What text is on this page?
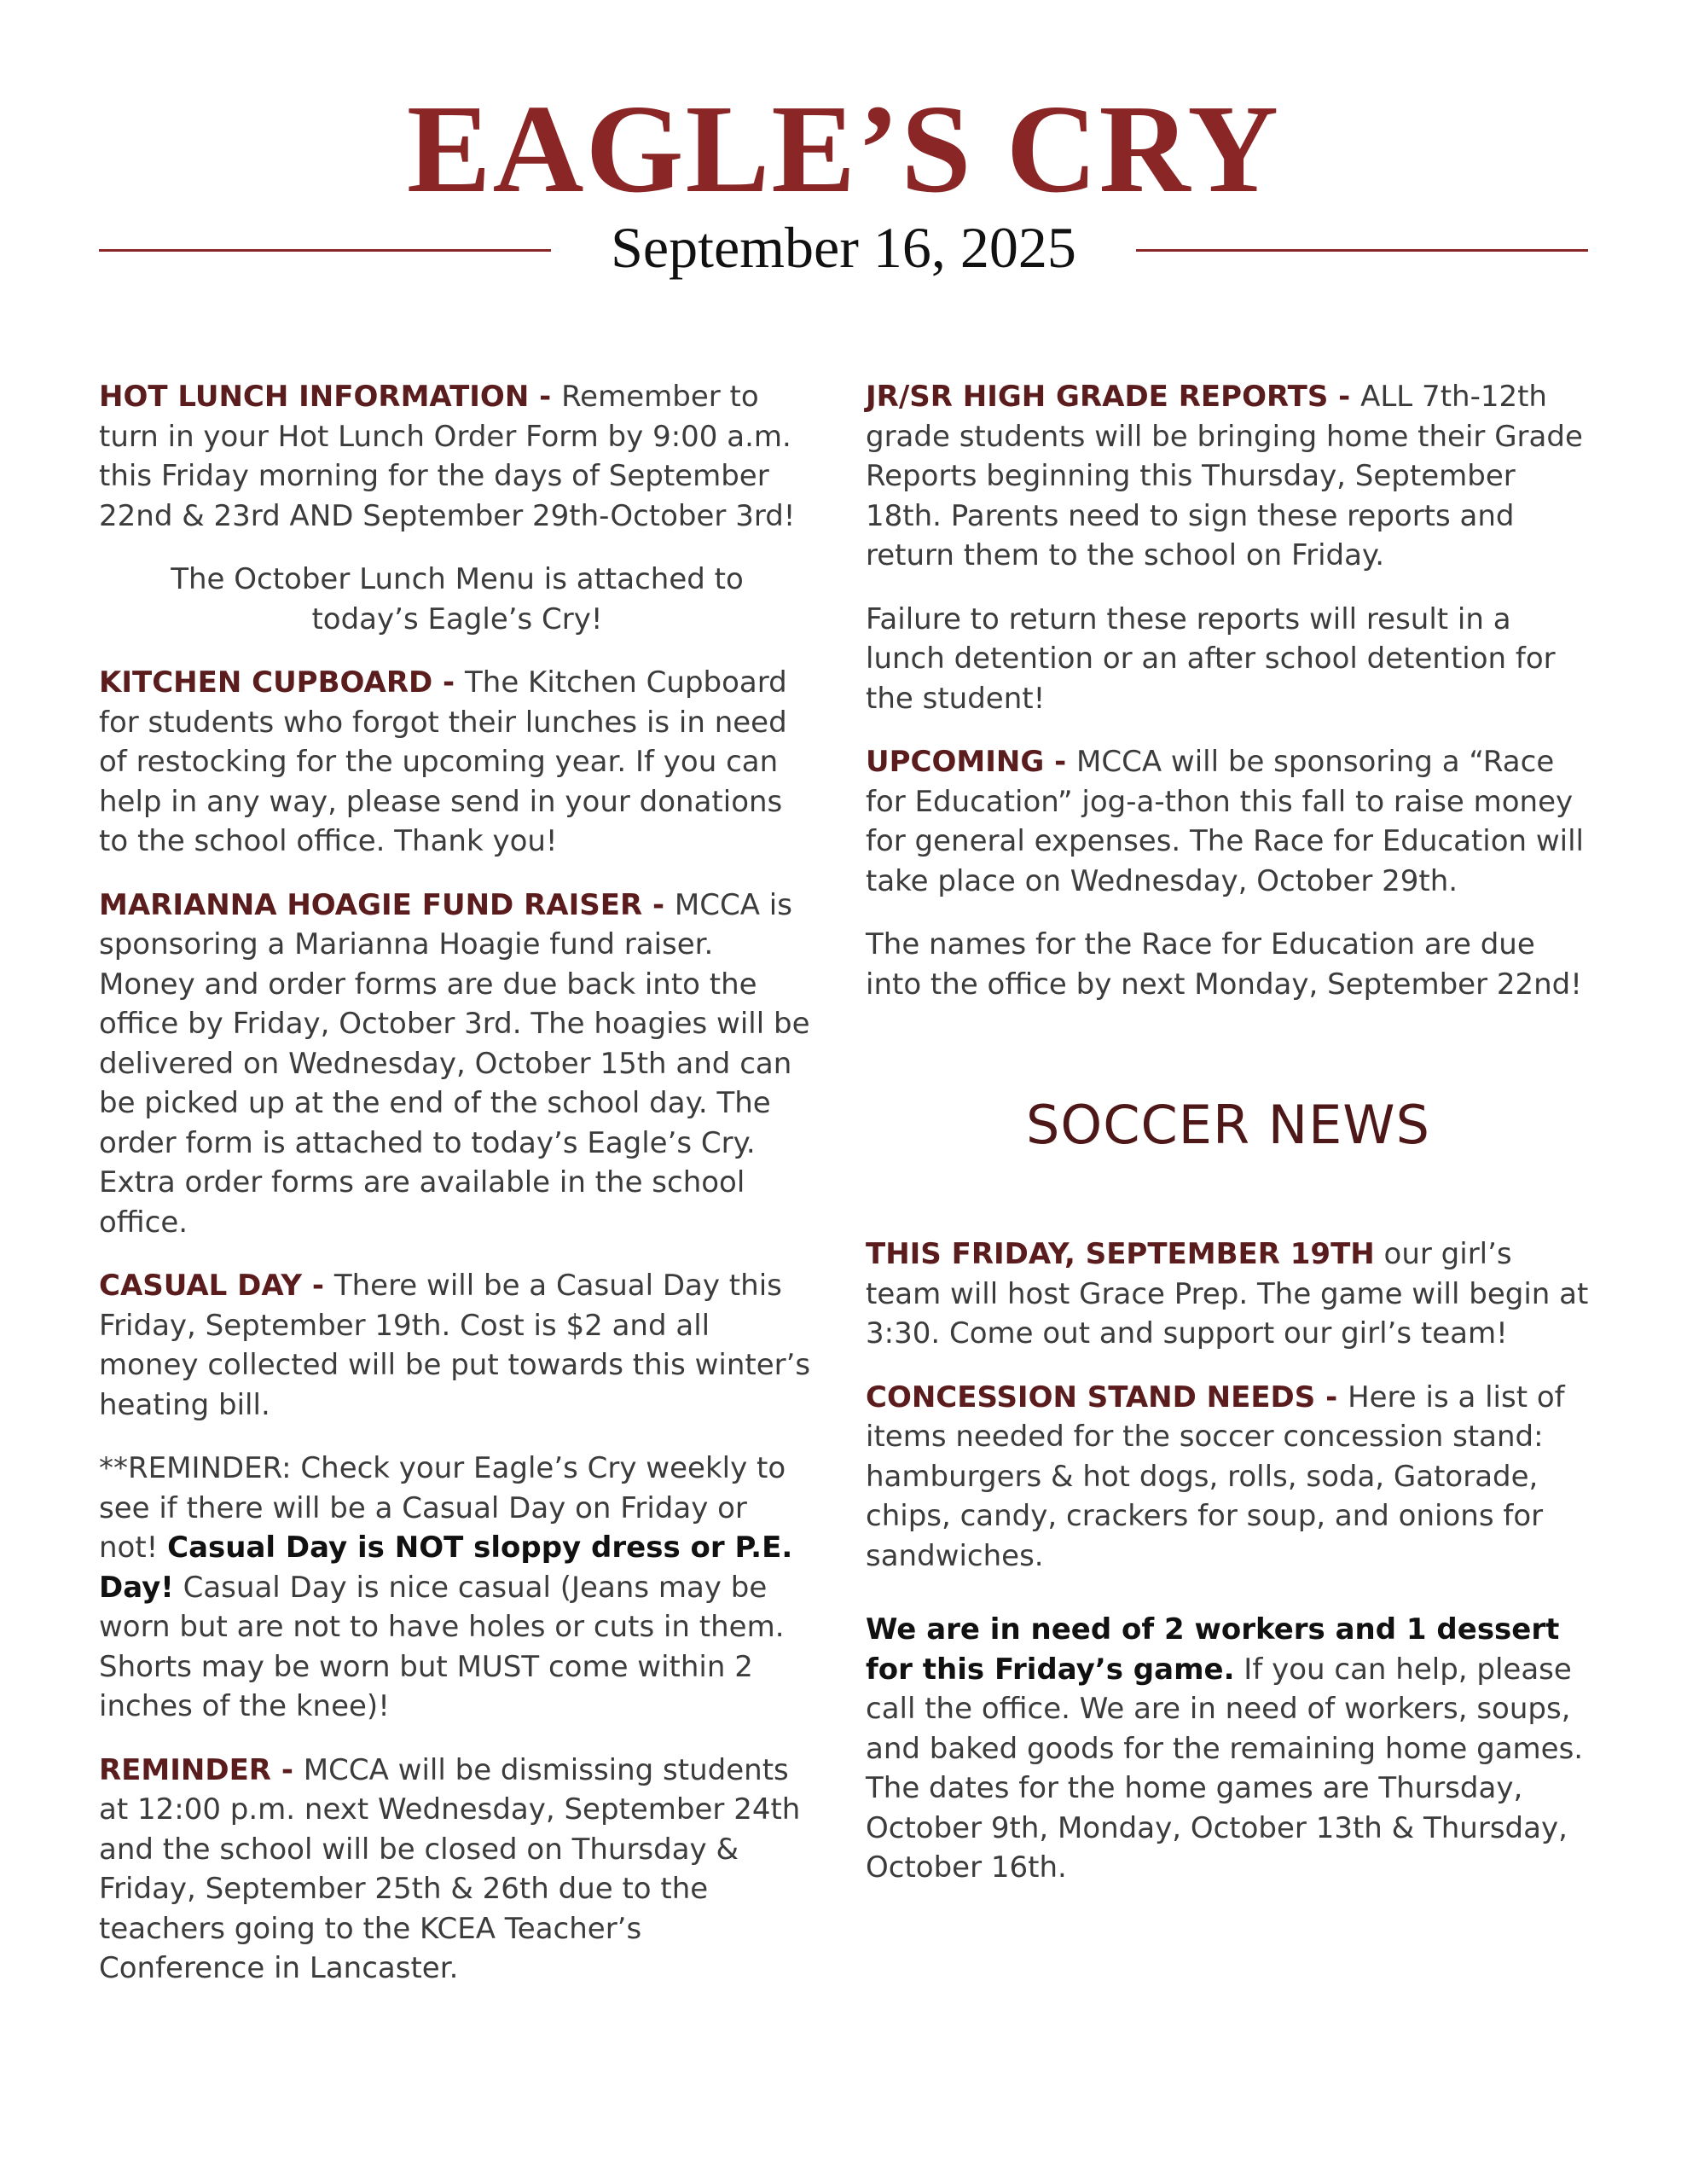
EAGLE’S CRY
September 16, 2025

HOT LUNCH INFORMATION - Remember to turn in your Hot Lunch Order Form by 9:00 a.m. this Friday morning for the days of September 22nd & 23rd AND September 29th-October 3rd!

The October Lunch Menu is attached to today’s Eagle’s Cry!

KITCHEN CUPBOARD - The Kitchen Cupboard for students who forgot their lunches is in need of restocking for the upcoming year. If you can help in any way, please send in your donations to the school office. Thank you!

MARIANNA HOAGIE FUND RAISER - MCCA is sponsoring a Marianna Hoagie fund raiser. Money and order forms are due back into the office by Friday, October 3rd. The hoagies will be delivered on Wednesday, October 15th and can be picked up at the end of the school day. The order form is attached to today’s Eagle’s Cry. Extra order forms are available in the school office.

CASUAL DAY - There will be a Casual Day this Friday, September 19th. Cost is $2 and all money collected will be put towards this winter’s heating bill.

**REMINDER: Check your Eagle’s Cry weekly to see if there will be a Casual Day on Friday or not! Casual Day is NOT sloppy dress or P.E. Day! Casual Day is nice casual (Jeans may be worn but are not to have holes or cuts in them. Shorts may be worn but MUST come within 2 inches of the knee)!

REMINDER - MCCA will be dismissing students at 12:00 p.m. next Wednesday, September 24th and the school will be closed on Thursday & Friday, September 25th & 26th due to the teachers going to the KCEA Teacher’s Conference in Lancaster.

JR/SR HIGH GRADE REPORTS - ALL 7th-12th grade students will be bringing home their Grade Reports beginning this Thursday, September 18th. Parents need to sign these reports and return them to the school on Friday.

Failure to return these reports will result in a lunch detention or an after school detention for the student!

UPCOMING - MCCA will be sponsoring a “Race for Education” jog-a-thon this fall to raise money for general expenses. The Race for Education will take place on Wednesday, October 29th.

The names for the Race for Education are due into the office by next Monday, September 22nd!

SOCCER NEWS

THIS FRIDAY, SEPTEMBER 19TH our girl’s team will host Grace Prep. The game will begin at 3:30. Come out and support our girl’s team!

CONCESSION STAND NEEDS - Here is a list of items needed for the soccer concession stand: hamburgers & hot dogs, rolls, soda, Gatorade, chips, candy, crackers for soup, and onions for sandwiches.

We are in need of 2 workers and 1 dessert for this Friday’s game. If you can help, please call the office. We are in need of workers, soups, and baked goods for the remaining home games. The dates for the home games are Thursday, October 9th, Monday, October 13th & Thursday, October 16th.
